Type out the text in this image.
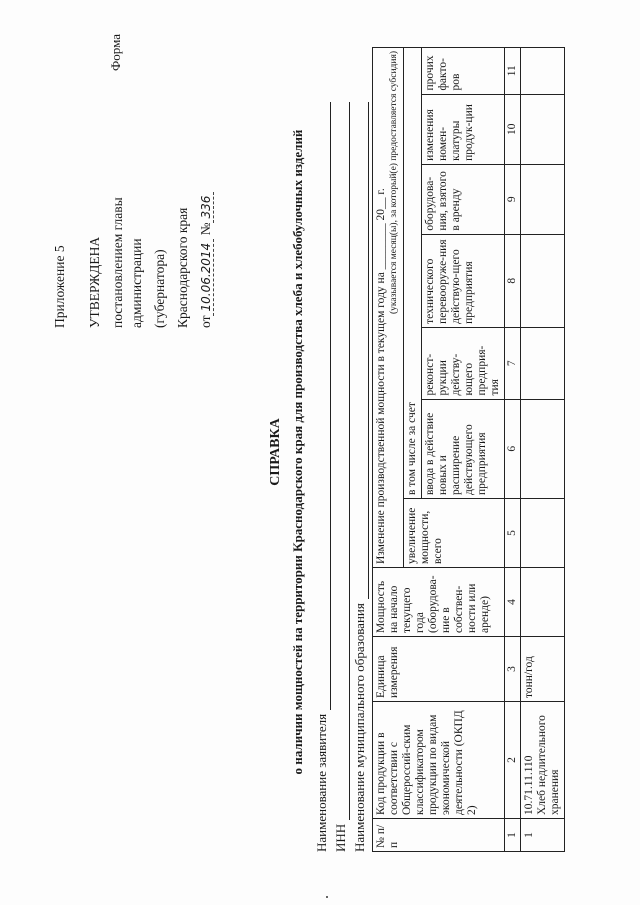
Приложение 5 УТВЕРЖДЕНА постановлением главы администрации (губернатора) Краснодарского края от10.06.2014 №336
Форма
СПРАВКА о наличии мощностей на территории Краснодарского края для производства хлеба и хлебобулочных изделий
Наименование заявителя ИНН Наименование муниципального образования № п/п	Код продукции в соответствии с Общероссий-ским классификатором продукции по видам экономической деятельности (ОКПД 2)	Единица измерения	Мощность на начало текущего года (оборудова-ние в собствен-ности или аренде)	Изменение производственной мощности в текущем году на ________ 20__ г.
(указывается месяц(ы), за который(е) предоставляется субсидия)						

				увеличение мощности, всего	в том числе за счет					
					ввода в действие новых и расширение действующего предприятия	реконст-рукции действу-ющего предприя-тия	технического перевооруже-ния действую-щего предприятия	оборудова-ния, взятого в аренду	изменения номен-клатуры продук-ции	прочих факто-ров
1	2	3	4	5	6	7	8	9	10	11
1	10.71.11.110 Хлеб недлительного хранения	тонн/год								
